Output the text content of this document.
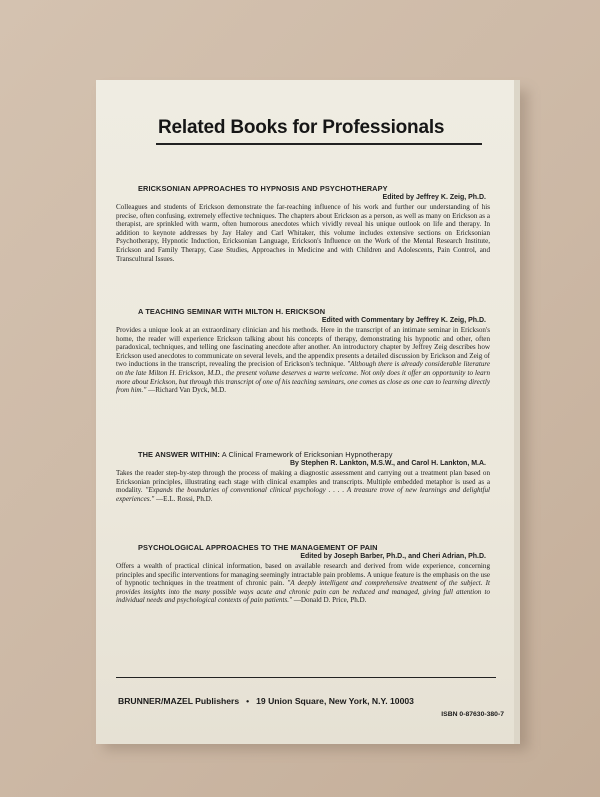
Related Books for Professionals
ERICKSONIAN APPROACHES TO HYPNOSIS AND PSYCHOTHERAPY
Edited by Jeffrey K. Zeig, Ph.D.
Colleagues and students of Erickson demonstrate the far-reaching influence of his work and further our understanding of his precise, often confusing, extremely effective techniques. The chapters about Erickson as a person, as well as many on Erickson as a therapist, are sprinkled with warm, often humorous anecdotes which vividly reveal his unique outlook on life and therapy. In addition to keynote addresses by Jay Haley and Carl Whitaker, this volume includes extensive sections on Ericksonian Psychotherapy, Hypnotic Induction, Ericksonian Language, Erickson's Influence on the Work of the Mental Research Institute, Erickson and Family Therapy, Case Studies, Approaches in Medicine and with Children and Adolescents, Pain Control, and Transcultural Issues.
A TEACHING SEMINAR WITH MILTON H. ERICKSON
Edited with Commentary by Jeffrey K. Zeig, Ph.D.
Provides a unique look at an extraordinary clinician and his methods. Here in the transcript of an intimate seminar in Erickson's home, the reader will experience Erickson talking about his concepts of therapy, demonstrating his hypnotic and other, often paradoxical, techniques, and telling one fascinating anecdote after another. An introductory chapter by Jeffrey Zeig describes how Erickson used anecdotes to communicate on several levels, and the appendix presents a detailed discussion by Erickson and Zeig of two inductions in the transcript, revealing the precision of Erickson's technique. "Although there is already considerable literature on the late Milton H. Erickson, M.D., the present volume deserves a warm welcome. Not only does it offer an opportunity to learn more about Erickson, but through this transcript of one of his teaching seminars, one comes as close as one can to learning directly from him." —Richard Van Dyck, M.D.
THE ANSWER WITHIN: A Clinical Framework of Ericksonian Hypnotherapy
By Stephen R. Lankton, M.S.W., and Carol H. Lankton, M.A.
Takes the reader step-by-step through the process of making a diagnostic assessment and carrying out a treatment plan based on Ericksonian principles, illustrating each stage with clinical examples and transcripts. Multiple embedded metaphor is used as a modality. "Expands the boundaries of conventional clinical psychology . . . . A treasure trove of new learnings and delightful experiences." —E.L. Rossi, Ph.D.
PSYCHOLOGICAL APPROACHES TO THE MANAGEMENT OF PAIN
Edited by Joseph Barber, Ph.D., and Cheri Adrian, Ph.D.
Offers a wealth of practical clinical information, based on available research and derived from wide experience, concerning principles and specific interventions for managing seemingly intractable pain problems. A unique feature is the emphasis on the use of hypnotic techniques in the treatment of chronic pain. "A deeply intelligent and comprehensive treatment of the subject. It provides insights into the many possible ways acute and chronic pain can be reduced and managed, giving full attention to individual needs and psychological contexts of pain patients." —Donald D. Price, Ph.D.
BRUNNER/MAZEL Publishers • 19 Union Square, New York, N.Y. 10003
ISBN 0-87630-380-7
